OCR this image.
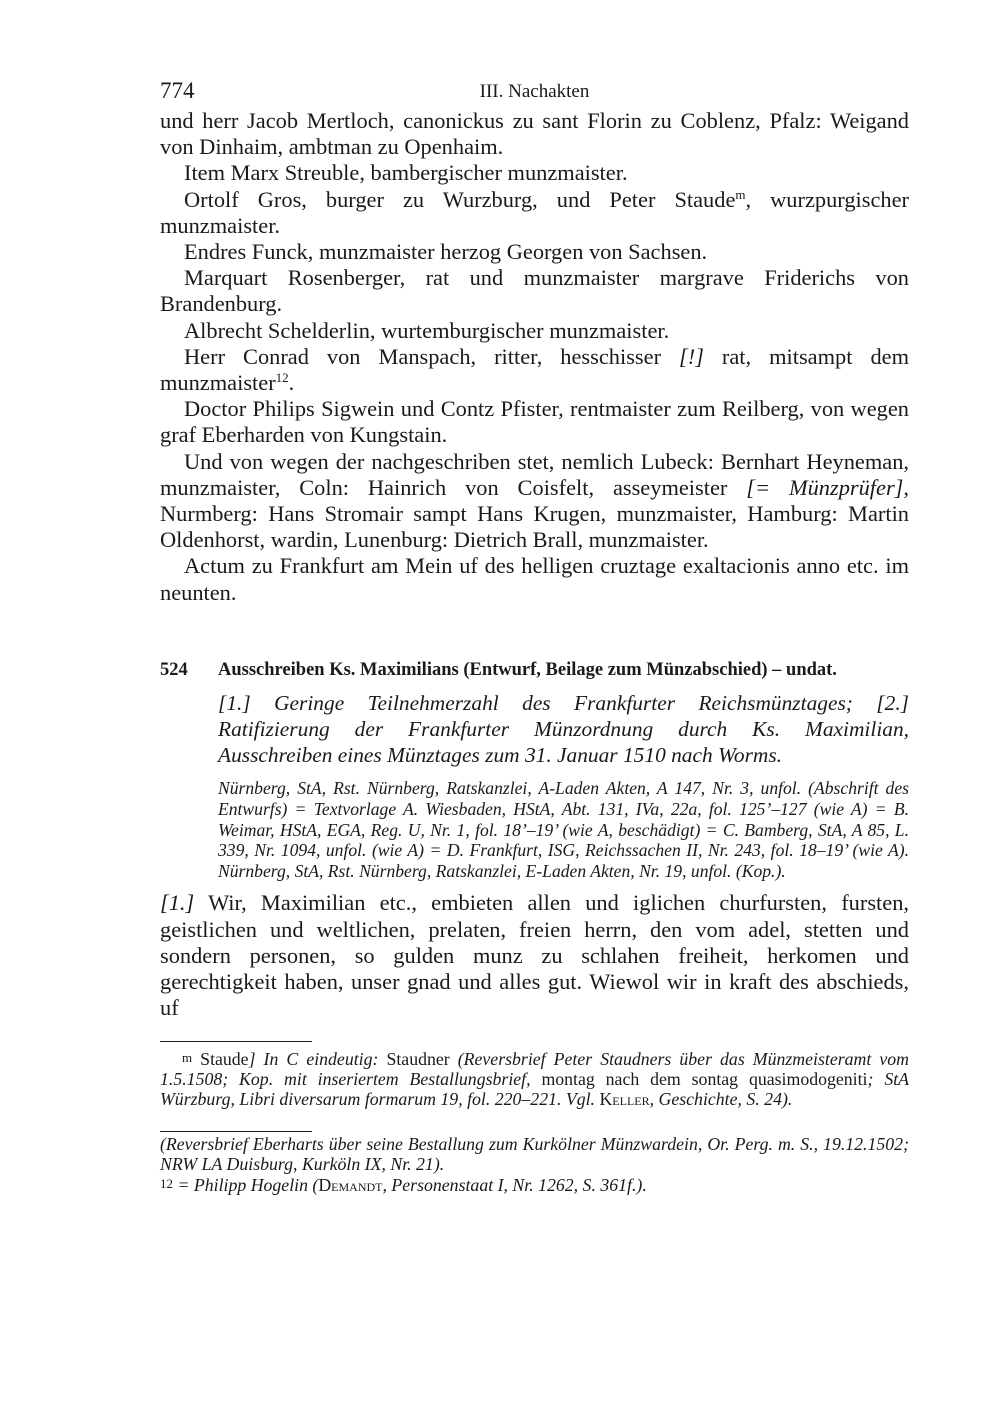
774	III. Nachakten

und herr Jacob Mertloch, canonickus zu sant Florin zu Coblenz, Pfalz: Weigand von Dinhaim, ambtman zu Openhaim.

Item Marx Streuble, bambergischer munzmaister.

Ortolf Gros, burger zu Wurzburg, und Peter Staude$^m$, wurzpurgischer munzmaister.

Endres Funck, munzmaister herzog Georgen von Sachsen.

Marquart Rosenberger, rat und munzmaister margrave Friderichs von Brandenburg.

Albrecht Schelderlin, wurtemburgischer munzmaister.

Herr Conrad von Manspach, ritter, hesschisser [!] rat, mitsampt dem munzmaister$^{12}$.

Doctor Philips Sigwein und Contz Pfister, rentmaister zum Reilberg, von wegen graf Eberharden von Kungstain.

Und von wegen der nachgeschriben stet, nemlich Lubeck: Bernhart Heyneman, munzmaister, Coln: Hainrich von Coisfelt, asseymeister [= Münzprüfer], Nurmberg: Hans Stromair sampt Hans Krugen, munzmaister, Hamburg: Martin Oldenhorst, wardin, Lunenburg: Dietrich Brall, munzmaister.

Actum zu Frankfurt am Mein uf des helligen cruztage exaltacionis anno etc. im neunten.

524	Ausschreiben Ks. Maximilians (Entwurf, Beilage zum Münzabschied) – undat.
[1.] Geringe Teilnehmerzahl des Frankfurter Reichsmünztages; [2.] Ratifizierung der Frankfurter Münzordnung durch Ks. Maximilian, Ausschreiben eines Münztages zum 31. Januar 1510 nach Worms.
Nürnberg, StA, Rst. Nürnberg, Ratskanzlei, A-Laden Akten, A 147, Nr. 3, unfol. (Abschrift des Entwurfs) = Textvorlage A. Wiesbaden, HStA, Abt. 131, IVa, 22a, fol. 125’–127 (wie A) = B. Weimar, HStA, EGA, Reg. U, Nr. 1, fol. 18’–19’ (wie A, beschädigt) = C. Bamberg, StA, A 85, L. 339, Nr. 1094, unfol. (wie A) = D. Frankfurt, ISG, Reichssachen II, Nr. 243, fol. 18–19’ (wie A). Nürnberg, StA, Rst. Nürnberg, Ratskanzlei, E-Laden Akten, Nr. 19, unfol. (Kop.).
[1.] Wir, Maximilian etc., embieten allen und iglichen churfursten, fursten, geistlichen und weltlichen, prelaten, freien herrn, den vom adel, stetten und sondern personen, so gulden munz zu schlahen freiheit, herkomen und gerechtigkeit haben, unser gnad und alles gut. Wiewol wir in kraft des abschieds, uf

m Staude] In C eindeutig: Staudner (Reversbrief Peter Staudners über das Münzmeisteramt vom 1.5.1508; Kop. mit inseriertem Bestallungsbrief, montag nach dem sontag quasimodogeniti; StA Würzburg, Libri diversarum formarum 19, fol. 220–221. Vgl. Keller, Geschichte, S. 24).

(Reversbrief Eberharts über seine Bestallung zum Kurkölner Münzwardein, Or. Perg. m. S., 19.12.1502; NRW LA Duisburg, Kurköln IX, Nr. 21).

12 = Philipp Hogelin (Demandt, Personenstaat I, Nr. 1262, S. 361f.).
